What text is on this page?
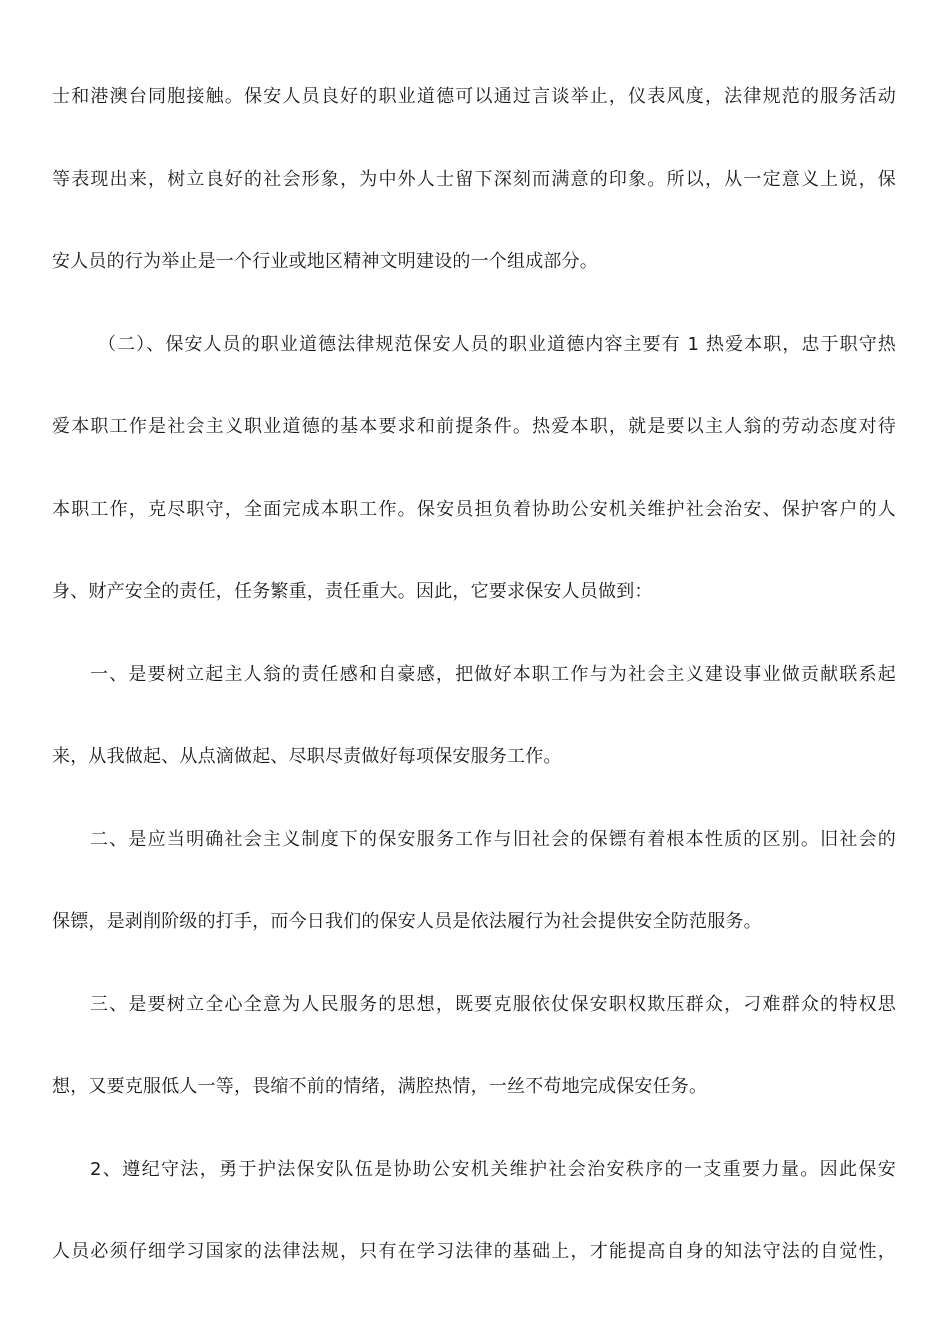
士和港澳台同胞接触。保安人员良好的职业道德可以通过言谈举止，仪表风度，法律规范的服务活动
等表现出来，树立良好的社会形象，为中外人士留下深刻而满意的印象。所以，从一定意义上说，保
安人员的行为举止是一个行业或地区精神文明建设的一个组成部分。
（二）、保安人员的职业道德法律规范保安人员的职业道德内容主要有 1 热爱本职，忠于职守热
爱本职工作是社会主义职业道德的基本要求和前提条件。热爱本职，就是要以主人翁的劳动态度对待
本职工作，克尽职守，全面完成本职工作。保安员担负着协助公安机关维护社会治安、保护客户的人
身、财产安全的责任，任务繁重，责任重大。因此，它要求保安人员做到：
一、是要树立起主人翁的责任感和自豪感，把做好本职工作与为社会主义建设事业做贡献联系起
来，从我做起、从点滴做起、尽职尽责做好每项保安服务工作。
二、是应当明确社会主义制度下的保安服务工作与旧社会的保镖有着根本性质的区别。旧社会的
保镖，是剥削阶级的打手，而今日我们的保安人员是依法履行为社会提供安全防范服务。
三、是要树立全心全意为人民服务的思想，既要克服依仗保安职权欺压群众，刁难群众的特权思
想，又要克服低人一等，畏缩不前的情绪，满腔热情，一丝不苟地完成保安任务。
2、遵纪守法，勇于护法保安队伍是协助公安机关维护社会治安秩序的一支重要力量。因此保安
人员必须仔细学习国家的法律法规，只有在学习法律的基础上，才能提高自身的知法守法的自觉性，
